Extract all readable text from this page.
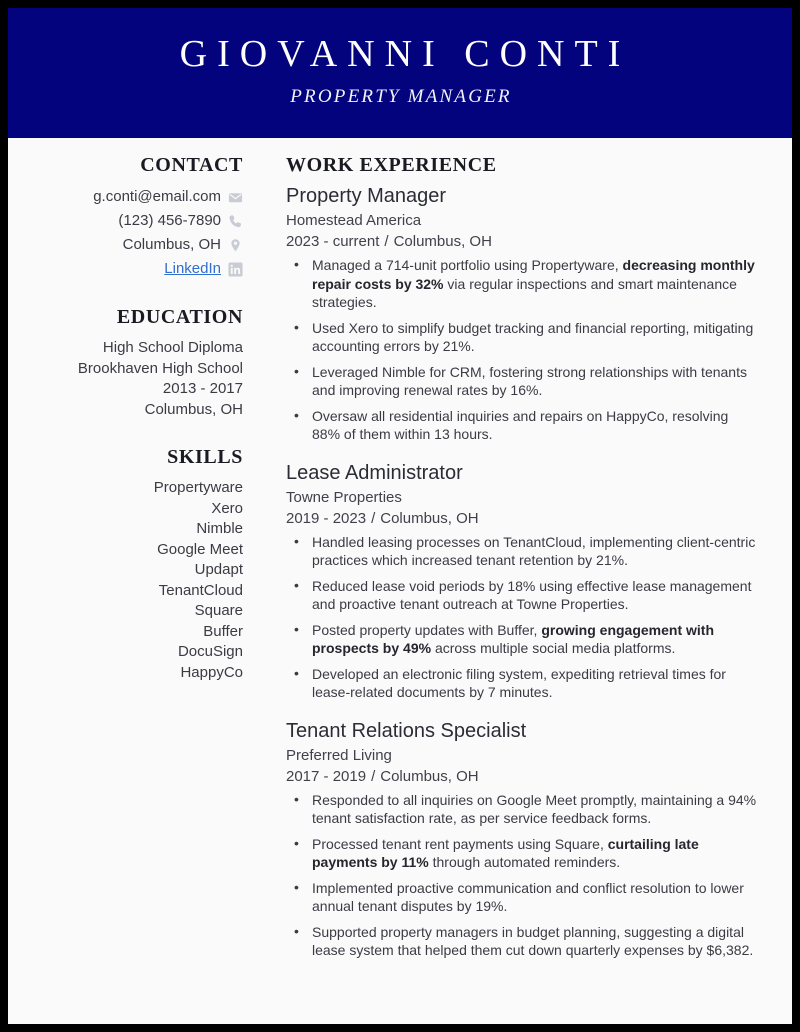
GIOVANNI CONTI
PROPERTY MANAGER
CONTACT
g.conti@email.com
(123) 456-7890
Columbus, OH
LinkedIn
EDUCATION
High School Diploma
Brookhaven High School
2013 - 2017
Columbus, OH
SKILLS
Propertyware
Xero
Nimble
Google Meet
Updapt
TenantCloud
Square
Buffer
DocuSign
HappyCo
WORK EXPERIENCE
Property Manager
Homestead America
2023 - current / Columbus, OH
• Managed a 714-unit portfolio using Propertyware, decreasing monthly repair costs by 32% via regular inspections and smart maintenance strategies.
• Used Xero to simplify budget tracking and financial reporting, mitigating accounting errors by 21%.
• Leveraged Nimble for CRM, fostering strong relationships with tenants and improving renewal rates by 16%.
• Oversaw all residential inquiries and repairs on HappyCo, resolving 88% of them within 13 hours.
Lease Administrator
Towne Properties
2019 - 2023 / Columbus, OH
• Handled leasing processes on TenantCloud, implementing client-centric practices which increased tenant retention by 21%.
• Reduced lease void periods by 18% using effective lease management and proactive tenant outreach at Towne Properties.
• Posted property updates with Buffer, growing engagement with prospects by 49% across multiple social media platforms.
• Developed an electronic filing system, expediting retrieval times for lease-related documents by 7 minutes.
Tenant Relations Specialist
Preferred Living
2017 - 2019 / Columbus, OH
• Responded to all inquiries on Google Meet promptly, maintaining a 94% tenant satisfaction rate, as per service feedback forms.
• Processed tenant rent payments using Square, curtailing late payments by 11% through automated reminders.
• Implemented proactive communication and conflict resolution to lower annual tenant disputes by 19%.
• Supported property managers in budget planning, suggesting a digital lease system that helped them cut down quarterly expenses by $6,382.
